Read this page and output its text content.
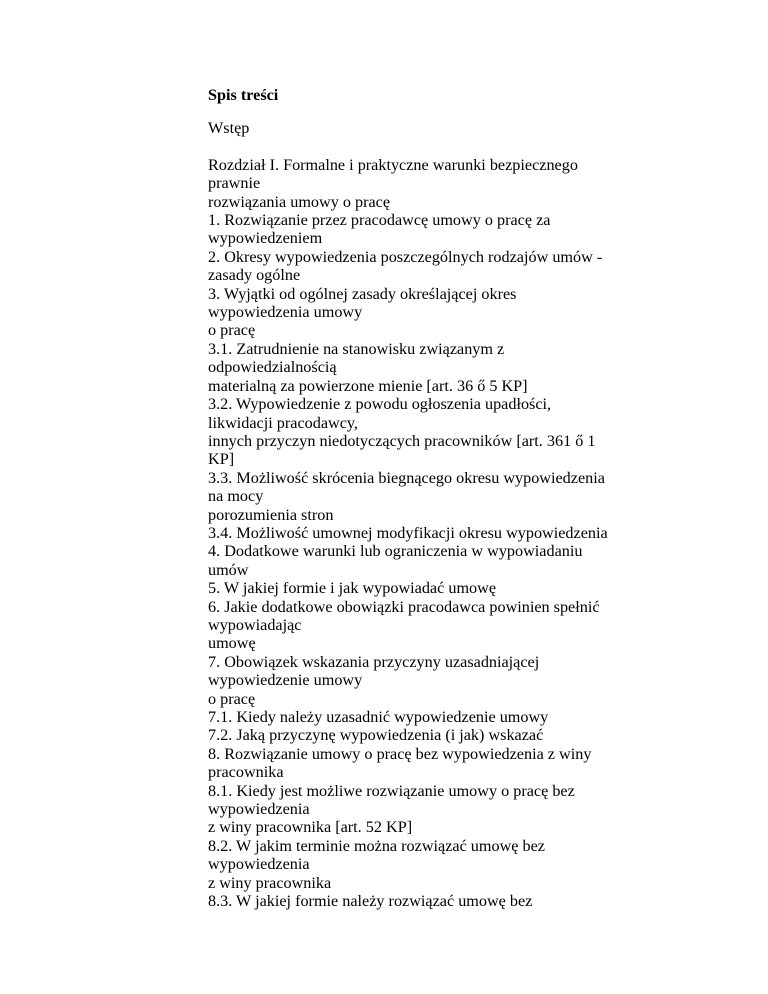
Spis treści

Wstęp

Rozdział I. Formalne i praktyczne warunki bezpiecznego
prawnie
rozwiązania umowy o pracę
1. Rozwiązanie przez pracodawcę umowy o pracę za
wypowiedzeniem
2. Okresy wypowiedzenia poszczególnych rodzajów umów -
zasady ogólne
3. Wyjątki od ogólnej zasady określającej okres
wypowiedzenia umowy
o pracę
3.1. Zatrudnienie na stanowisku związanym z
odpowiedzialnością
materialną za powierzone mienie [art. 36 ő 5 KP]
3.2. Wypowiedzenie z powodu ogłoszenia upadłości,
likwidacji pracodawcy,
innych przyczyn niedotyczących pracowników [art. 361 ő 1
KP]
3.3. Możliwość skrócenia biegnącego okresu wypowiedzenia
na mocy
porozumienia stron
3.4. Możliwość umownej modyfikacji okresu wypowiedzenia
4. Dodatkowe warunki lub ograniczenia w wypowiadaniu
umów
5. W jakiej formie i jak wypowiadać umowę
6. Jakie dodatkowe obowiązki pracodawca powinien spełnić
wypowiadając
umowę
7. Obowiązek wskazania przyczyny uzasadniającej
wypowiedzenie umowy
o pracę
7.1. Kiedy należy uzasadnić wypowiedzenie umowy
7.2. Jaką przyczynę wypowiedzenia (i jak) wskazać
8. Rozwiązanie umowy o pracę bez wypowiedzenia z winy
pracownika
8.1. Kiedy jest możliwe rozwiązanie umowy o pracę bez
wypowiedzenia
z winy pracownika [art. 52 KP]
8.2. W jakim terminie można rozwiązać umowę bez
wypowiedzenia
z winy pracownika
8.3. W jakiej formie należy rozwiązać umowę bez
